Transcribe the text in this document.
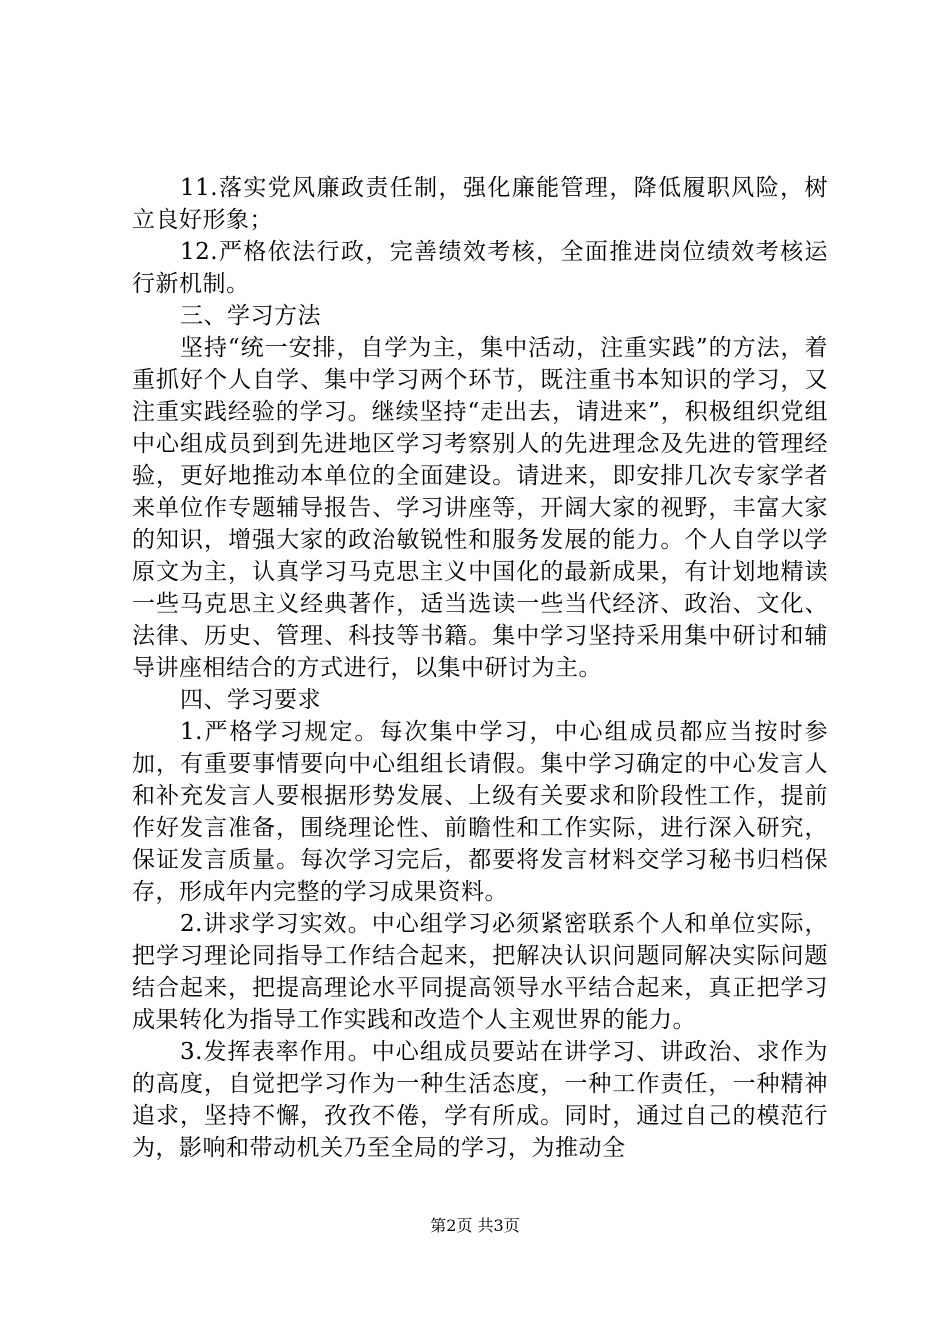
11.落实党风廉政责任制，强化廉能管理，降低履职风险，树立良好形象；

12.严格依法行政，完善绩效考核，全面推进岗位绩效考核运行新机制。

三、学习方法

坚持“统一安排，自学为主，集中活动，注重实践”的方法，着重抓好个人自学、集中学习两个环节，既注重书本知识的学习，又注重实践经验的学习。继续坚持“走出去，请进来”，积极组织党组中心组成员到到先进地区学习考察别人的先进理念及先进的管理经验，更好地推动本单位的全面建设。请进来，即安排几次专家学者来单位作专题辅导报告、学习讲座等，开阔大家的视野，丰富大家的知识，增强大家的政治敏锐性和服务发展的能力。个人自学以学原文为主，认真学习马克思主义中国化的最新成果，有计划地精读一些马克思主义经典著作，适当选读一些当代经济、政治、文化、法律、历史、管理、科技等书籍。集中学习坚持采用集中研讨和辅导讲座相结合的方式进行，以集中研讨为主。

四、学习要求

1.严格学习规定。每次集中学习，中心组成员都应当按时参加，有重要事情要向中心组组长请假。集中学习确定的中心发言人和补充发言人要根据形势发展、上级有关要求和阶段性工作，提前作好发言准备，围绕理论性、前瞻性和工作实际，进行深入研究，保证发言质量。每次学习完后，都要将发言材料交学习秘书归档保存，形成年内完整的学习成果资料。

2.讲求学习实效。中心组学习必须紧密联系个人和单位实际，把学习理论同指导工作结合起来，把解决认识问题同解决实际问题结合起来，把提高理论水平同提高领导水平结合起来，真正把学习成果转化为指导工作实践和改造个人主观世界的能力。

3.发挥表率作用。中心组成员要站在讲学习、讲政治、求作为的高度，自觉把学习作为一种生活态度，一种工作责任，一种精神追求，坚持不懈，孜孜不倦，学有所成。同时，通过自己的模范行为，影响和带动机关乃至全局的学习，为推动全

第2页 共3页
